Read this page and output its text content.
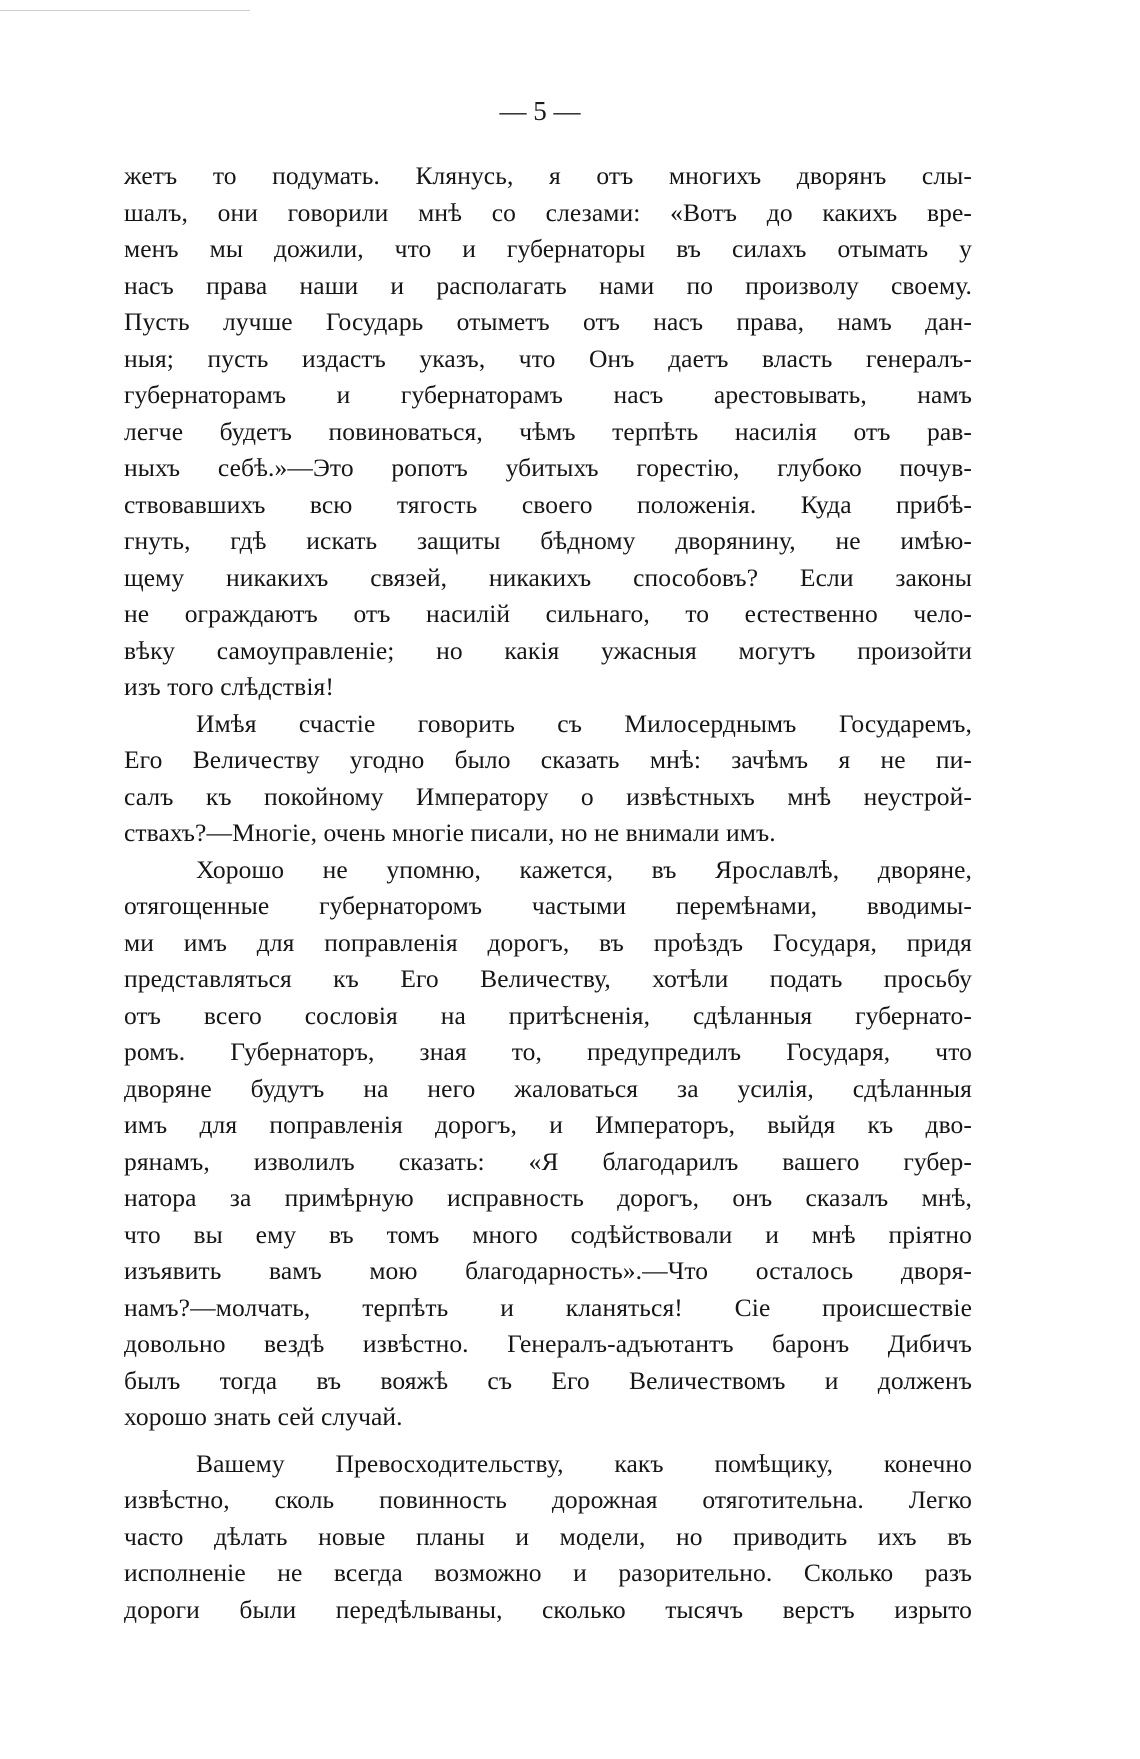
— 5 —
жетъ то подумать. Клянусь, я отъ многихъ дворянъ слы-
шалъ, они говорили мнѣ со слезами: «Вотъ до какихъ вре-
менъ мы дожили, что и губернаторы въ силахъ отымать у
насъ права наши и располагать нами по произволу своему.
Пусть лучше Государь отыметъ отъ насъ права, намъ дан-
ныя; пусть издастъ указъ, что Онъ даетъ власть генералъ-
губернаторамъ и губернаторамъ насъ арестовывать, намъ
легче будетъ повиноваться, чѣмъ терпѣть насилія отъ рав-
ныхъ себѣ.»—Это ропотъ убитыхъ горестію, глубоко почув-
ствовавшихъ всю тягость своего положенія. Куда прибѣ-
гнуть, гдѣ искать защиты бѣдному дворянину, не имѣю-
щему никакихъ связей, никакихъ способовъ? Если законы
не ограждаютъ отъ насилій сильнаго, то естественно чело-
вѣку самоуправленіе; но какія ужасныя могутъ произойти
изъ того слѣдствія!
Имѣя счастіе говорить съ Милосерднымъ Государемъ,
Его Величеству угодно было сказать мнѣ: зачѣмъ я не пи-
салъ къ покойному Императору о извѣстныхъ мнѣ неустрой-
ствахъ?—Многіе, очень многіе писали, но не внимали имъ.
Хорошо не упомню, кажется, въ Ярославлѣ, дворяне,
отягощенные губернаторомъ частыми перемѣнами, вводимы-
ми имъ для поправленія дорогъ, въ проѣздъ Государя, придя
представляться къ Его Величеству, хотѣли подать просьбу
отъ всего сословія на притѣсненія, сдѣланныя губернато-
ромъ. Губернаторъ, зная то, предупредилъ Государя, что
дворяне будутъ на него жаловаться за усилія, сдѣланныя
имъ для поправленія дорогъ, и Императоръ, выйдя къ дво-
рянамъ, изволилъ сказать: «Я благодарилъ вашего губер-
натора за примѣрную исправность дорогъ, онъ сказалъ мнѣ,
что вы ему въ томъ много содѣйствовали и мнѣ пріятно
изъявить вамъ мою благодарность».—Что осталось дворя-
намъ?—молчать, терпѣть и кланяться! Сіе происшествіе
довольно вездѣ извѣстно. Генералъ-адъютантъ баронъ Дибичъ
былъ тогда въ вояжѣ съ Его Величествомъ и долженъ
хорошо знать сей случай.
Вашему Превосходительству, какъ помѣщику, конечно
извѣстно, сколь повинность дорожная отяготительна. Легко
часто дѣлать новые планы и модели, но приводить ихъ въ
исполненіе не всегда возможно и разорительно. Сколько разъ
дороги были передѣлываны, сколько тысячъ верстъ изрыто
